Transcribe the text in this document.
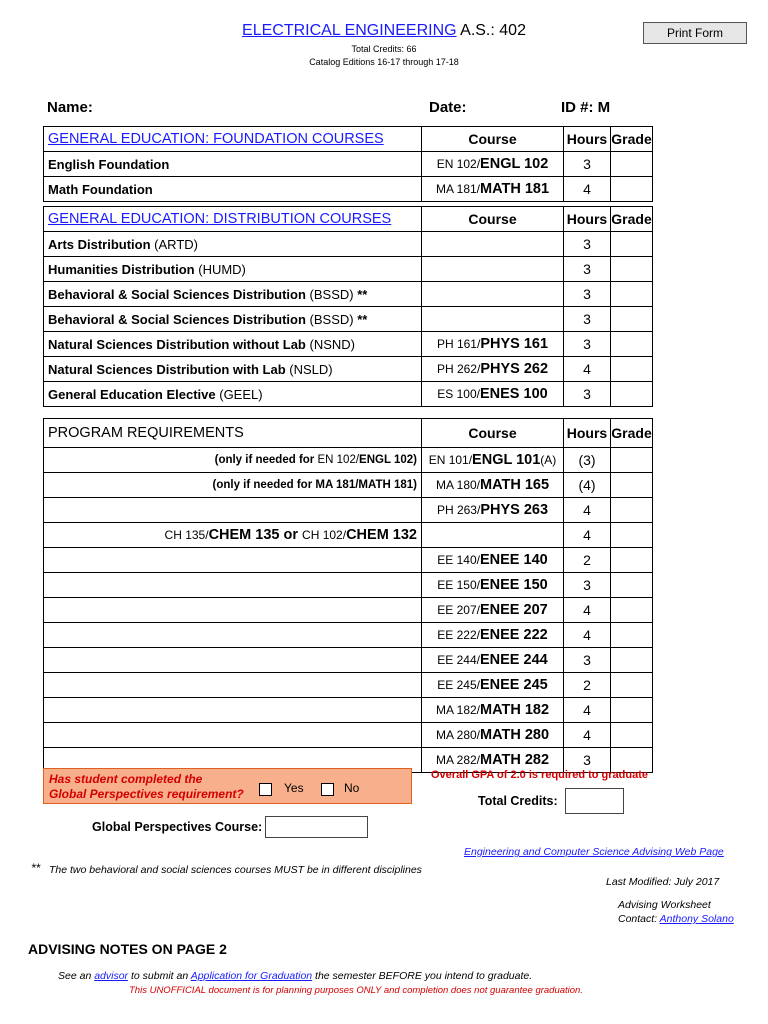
ELECTRICAL ENGINEERING A.S.: 402
Total Credits: 66
Catalog Editions 16-17 through 17-18
Print Form
Name:	Date:	ID #: M
GENERAL EDUCATION: FOUNDATION COURSES	Course	Hours	Grade
English Foundation	EN 102/ENGL 102	3	
Math Foundation	MA 181/MATH 181	4	
GENERAL EDUCATION: DISTRIBUTION COURSES	Course	Hours	Grade
Arts Distribution (ARTD)		3	
Humanities Distribution (HUMD)		3	
Behavioral & Social Sciences Distribution (BSSD) **		3	
Behavioral & Social Sciences Distribution (BSSD) **		3	
Natural Sciences Distribution without Lab (NSND)	PH 161/PHYS 161	3	
Natural Sciences Distribution with Lab (NSLD)	PH 262/PHYS 262	4	
General Education Elective (GEEL)	ES 100/ENES 100	3	
PROGRAM REQUIREMENTS	Course	Hours	Grade
(only if needed for EN 102/ENGL 102)	EN 101/ENGL 101(A)	(3)	
(only if needed for MA 181/MATH 181)	MA 180/MATH 165	(4)	
	PH 263/PHYS 263	4	
CH 135/CHEM 135 or CH 102/CHEM 132		4	
	EE 140/ENEE 140	2	
	EE 150/ENEE 150	3	
	EE 207/ENEE 207	4	
	EE 222/ENEE 222	4	
	EE 244/ENEE 244	3	
	EE 245/ENEE 245	2	
	MA 182/MATH 182	4	
	MA 280/MATH 280	4	
	MA 282/MATH 282	3	
Has student completed the
Global Perspectives requirement?	Yes	No
Overall GPA of 2.0 is required to graduate
Total Credits:
Global Perspectives Course:
Engineering and Computer Science Advising Web Page
** The two behavioral and social sciences courses MUST be in different disciplines
Last Modified: July 2017
Advising Worksheet
Contact: Anthony Solano
ADVISING NOTES ON PAGE 2
See an advisor to submit an Application for Graduation the semester BEFORE you intend to graduate.
This UNOFFICIAL document is for planning purposes ONLY and completion does not guarantee graduation.
